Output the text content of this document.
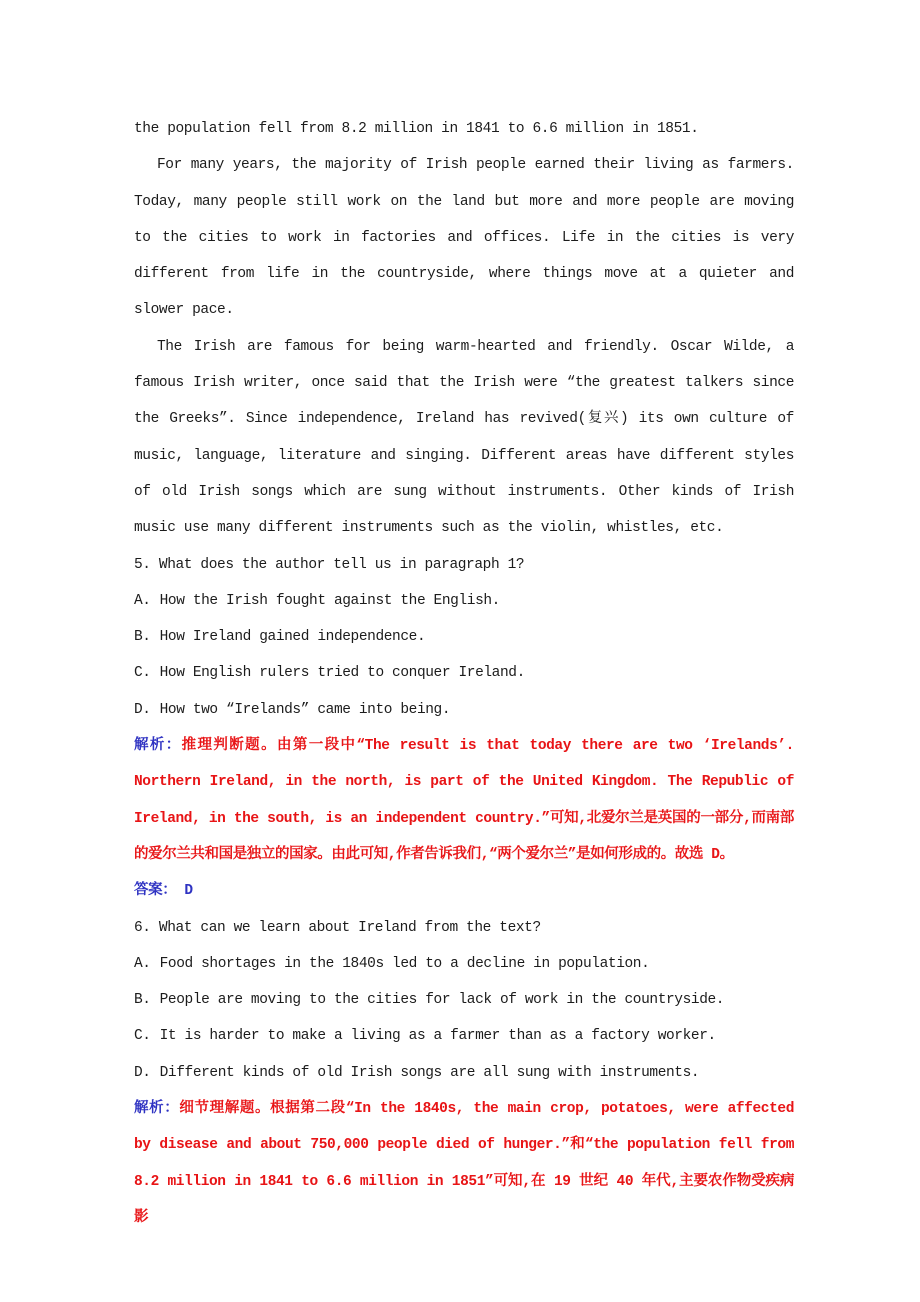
the population fell from 8.2 million in 1841 to 6.6 million in 1851.

For many years, the majority of Irish people earned their living as farmers. Today, many people still work on the land but more and more people are moving to the cities to work in factories and offices. Life in the cities is very different from life in the countryside, where things move at a quieter and slower pace.

The Irish are famous for being warm-hearted and friendly. Oscar Wilde, a famous Irish writer, once said that the Irish were “the greatest talkers since the Greeks”. Since independence, Ireland has revived(复兴) its own culture of music, language, literature and singing. Different areas have different styles of old Irish songs which are sung without instruments. Other kinds of Irish music use many different instruments such as the violin, whistles, etc.

5. What does the author tell us in paragraph 1?

A. How the Irish fought against the English.

B. How Ireland gained independence.

C. How English rulers tried to conquer Ireland.

D. How two “Irelands” came into being.

解析：推理判断题。由第一段中“The result is that today there are two ‘Irelands’. Northern Ireland, in the north, is part of the United Kingdom. The Republic of Ireland, in the south, is an independent country.”可知,北爱尔兰是英国的一部分,而南部的爱尔兰共和国是独立的国家。由此可知,作者告诉我们,“两个爱尔兰”是如何形成的。故选 D。

答案： D

6. What can we learn about Ireland from the text?

A. Food shortages in the 1840s led to a decline in population.

B. People are moving to the cities for lack of work in the countryside.

C. It is harder to make a living as a farmer than as a factory worker.

D. Different kinds of old Irish songs are all sung with instruments.

解析：细节理解题。根据第二段“In the 1840s, the main crop, potatoes, were affected by disease and about 750,000 people died of hunger.”和“the population fell from 8.2 million in 1841 to 6.6 million in 1851”可知,在 19 世纪 40 年代,主要农作物受疾病影
